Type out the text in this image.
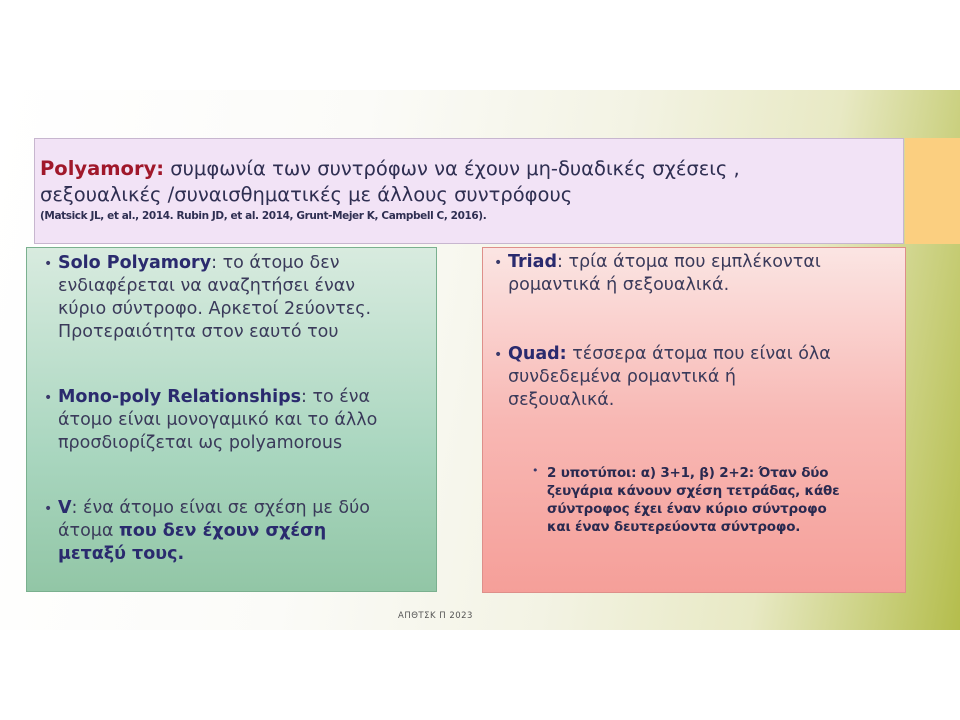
Polyamory: συμφωνία των συντρόφων να έχουν μη-δυαδικές σχέσεις ,
σεξουαλικές /συναισθηματικές με άλλους συντρόφους
(Matsick JL, et al., 2014. Rubin JD, et al. 2014, Grunt-Mejer K, Campbell C, 2016).
• Solo Polyamory: το άτομο δεν
ενδιαφέρεται να αναζητήσει έναν
κύριο σύντροφο. Αρκετοί 2εύοντες.
Προτεραιότητα στον εαυτό του
• Mono-poly Relationships: το ένα
άτομο είναι μονογαμικό και το άλλο
προσδιορίζεται ως polyamorous
• V: ένα άτομο είναι σε σχέση με δύο
άτομα που δεν έχουν σχέση
μεταξύ τους.
• Triad: τρία άτομα που εμπλέκονται
ρομαντικά ή σεξουαλικά.
• Quad: τέσσερα άτομα που είναι όλα
συνδεδεμένα ρομαντικά ή
σεξουαλικά.
• 2 υποτύποι: α) 3+1, β) 2+2: Όταν δύο
ζευγάρια κάνουν σχέση τετράδας, κάθε
σύντροφος έχει έναν κύριο σύντροφο
και έναν δευτερεύοντα σύντροφο.
ΑΠΘΤΣΚ Π 2023
